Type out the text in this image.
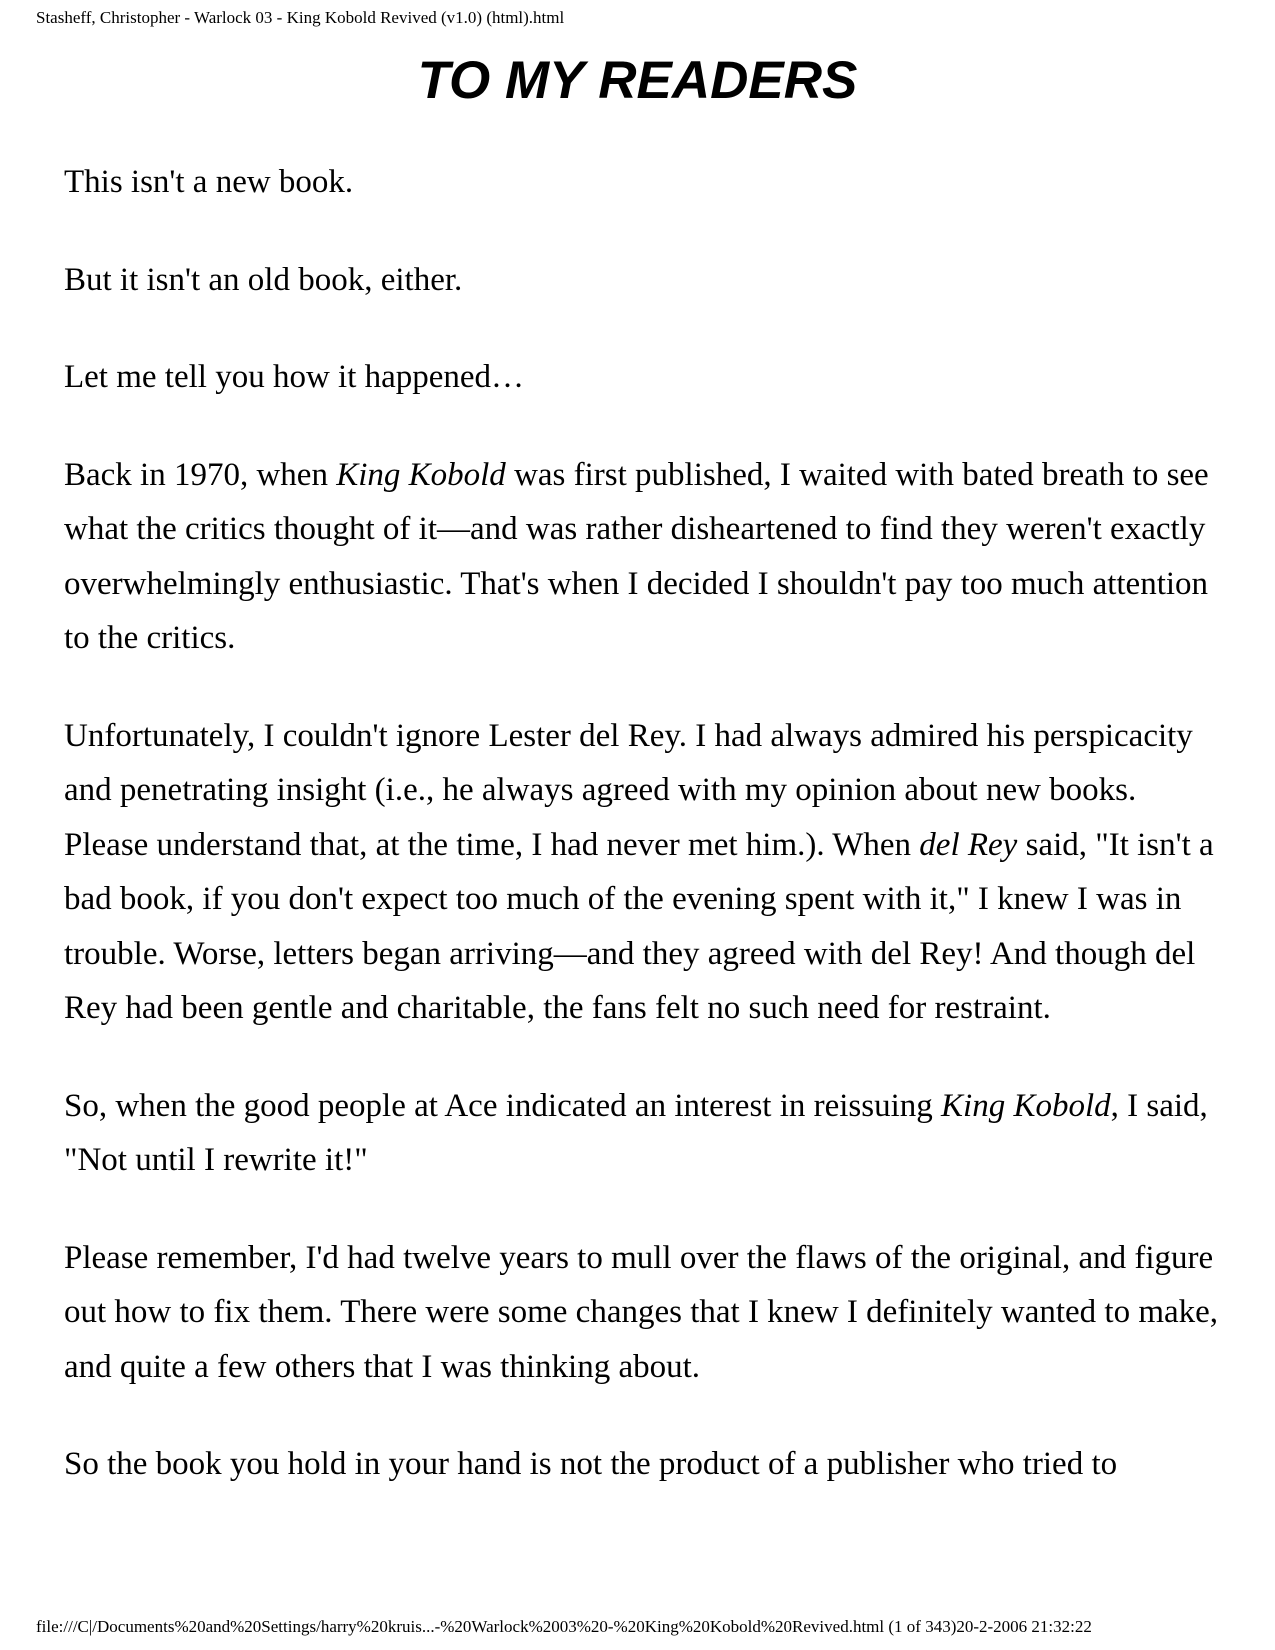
Stasheff, Christopher - Warlock 03 - King Kobold Revived (v1.0) (html).html
TO MY READERS

This isn't a new book.

But it isn't an old book, either.

Let me tell you how it happened…

Back in 1970, when King Kobold was first published, I waited with bated breath to see what the critics thought of it—and was rather disheartened to find they weren't exactly overwhelmingly enthusiastic. That's when I decided I shouldn't pay too much attention to the critics.

Unfortunately, I couldn't ignore Lester del Rey. I had always admired his perspicacity and penetrating insight (i.e., he always agreed with my opinion about new books. Please understand that, at the time, I had never met him.). When del Rey said, "It isn't a bad book, if you don't expect too much of the evening spent with it," I knew I was in trouble. Worse, letters began arriving—and they agreed with del Rey! And though del Rey had been gentle and charitable, the fans felt no such need for restraint.

So, when the good people at Ace indicated an interest in reissuing King Kobold, I said, "Not until I rewrite it!"

Please remember, I'd had twelve years to mull over the flaws of the original, and figure out how to fix them. There were some changes that I knew I definitely wanted to make, and quite a few others that I was thinking about.

So the book you hold in your hand is not the product of a publisher who tried to

file:///C|/Documents%20and%20Settings/harry%20kruis...-%20Warlock%2003%20-%20King%20Kobold%20Revived.html (1 of 343)20-2-2006 21:32:22
